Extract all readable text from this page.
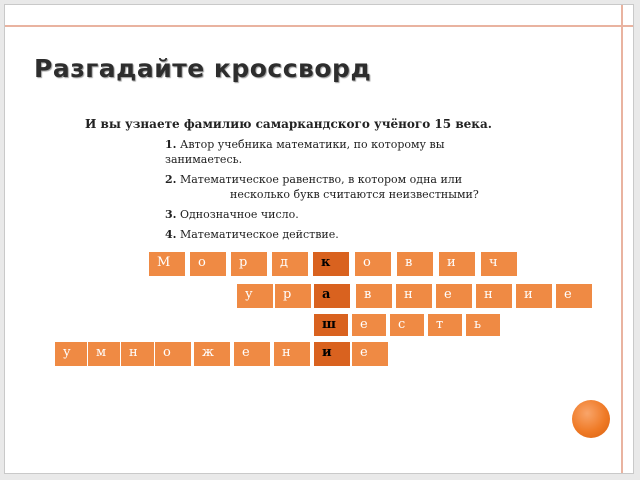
Разгадайте кроссворд
И вы узнаете фамилию самаркандского учёного 15 века.
1. Автор учебника математики, по которому вы занимаетесь.
2. Математическое равенство, в котором одна или
несколько букв считаются неизвестными?
3. Однозначное число.
4. Математическое действие.
М	о	р	д	к	о	в	и	ч
у	р	а	в	н	е	н	и	е
ш	е	с	т	ь
у	м	н	о	ж	е	н	и	е
